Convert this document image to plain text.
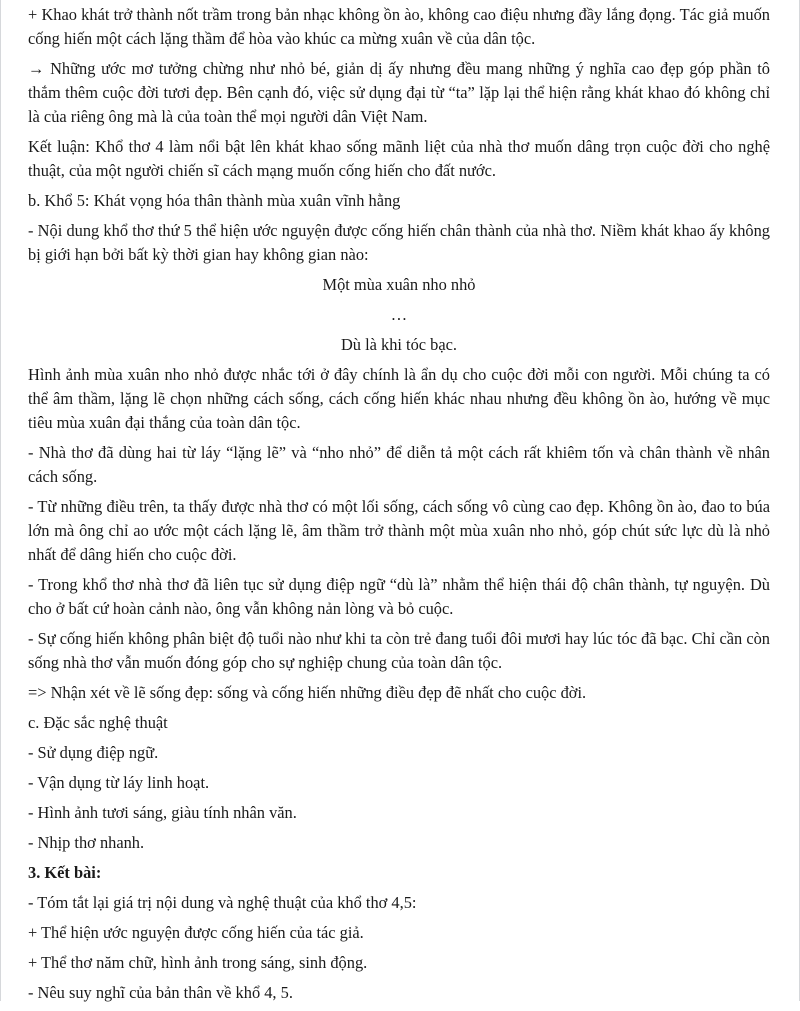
+ Khao khát trở thành nốt trầm trong bản nhạc không ồn ào, không cao điệu nhưng đầy lắng đọng. Tác giả muốn cống hiến một cách lặng thầm để hòa vào khúc ca mừng xuân về của dân tộc.

→ Những ước mơ tưởng chừng như nhỏ bé, giản dị ấy nhưng đều mang những ý nghĩa cao đẹp góp phần tô thắm thêm cuộc đời tươi đẹp. Bên cạnh đó, việc sử dụng đại từ “ta” lặp lại thể hiện rằng khát khao đó không chỉ là của riêng ông mà là của toàn thể mọi người dân Việt Nam.

Kết luận: Khổ thơ 4 làm nổi bật lên khát khao sống mãnh liệt của nhà thơ muốn dâng trọn cuộc đời cho nghệ thuật, của một người chiến sĩ cách mạng muốn cống hiến cho đất nước.

b. Khổ 5: Khát vọng hóa thân thành mùa xuân vĩnh hằng

- Nội dung khổ thơ thứ 5 thể hiện ước nguyện được cống hiến chân thành của nhà thơ. Niềm khát khao ấy không bị giới hạn bởi bất kỳ thời gian hay không gian nào:

Một mùa xuân nho nhỏ
…
Dù là khi tóc bạc.

Hình ảnh mùa xuân nho nhỏ được nhắc tới ở đây chính là ẩn dụ cho cuộc đời mỗi con người. Mỗi chúng ta có thể âm thầm, lặng lẽ chọn những cách sống, cách cống hiến khác nhau nhưng đều không ồn ào, hướng về mục tiêu mùa xuân đại thắng của toàn dân tộc.

- Nhà thơ đã dùng hai từ láy “lặng lẽ” và “nho nhỏ” để diễn tả một cách rất khiêm tốn và chân thành về nhân cách sống.

- Từ những điều trên, ta thấy được nhà thơ có một lối sống, cách sống vô cùng cao đẹp. Không ồn ào, đao to búa lớn mà ông chỉ ao ước một cách lặng lẽ, âm thầm trở thành một mùa xuân nho nhỏ, góp chút sức lực dù là nhỏ nhất để dâng hiến cho cuộc đời.

- Trong khổ thơ nhà thơ đã liên tục sử dụng điệp ngữ “dù là” nhằm thể hiện thái độ chân thành, tự nguyện. Dù cho ở bất cứ hoàn cảnh nào, ông vẫn không nản lòng và bỏ cuộc.

- Sự cống hiến không phân biệt độ tuổi nào như khi ta còn trẻ đang tuổi đôi mươi hay lúc tóc đã bạc. Chỉ cần còn sống nhà thơ vẫn muốn đóng góp cho sự nghiệp chung của toàn dân tộc.

=> Nhận xét về lẽ sống đẹp: sống và cống hiến những điều đẹp đẽ nhất cho cuộc đời.

c. Đặc sắc nghệ thuật

- Sử dụng điệp ngữ.

- Vận dụng từ láy linh hoạt.

- Hình ảnh tươi sáng, giàu tính nhân văn.

- Nhịp thơ nhanh.

3. Kết bài:

- Tóm tắt lại giá trị nội dung và nghệ thuật của khổ thơ 4,5:

+ Thể hiện ước nguyện được cống hiến của tác giả.

+ Thể thơ năm chữ, hình ảnh trong sáng, sinh động.

- Nêu suy nghĩ của bản thân về khổ 4, 5.
